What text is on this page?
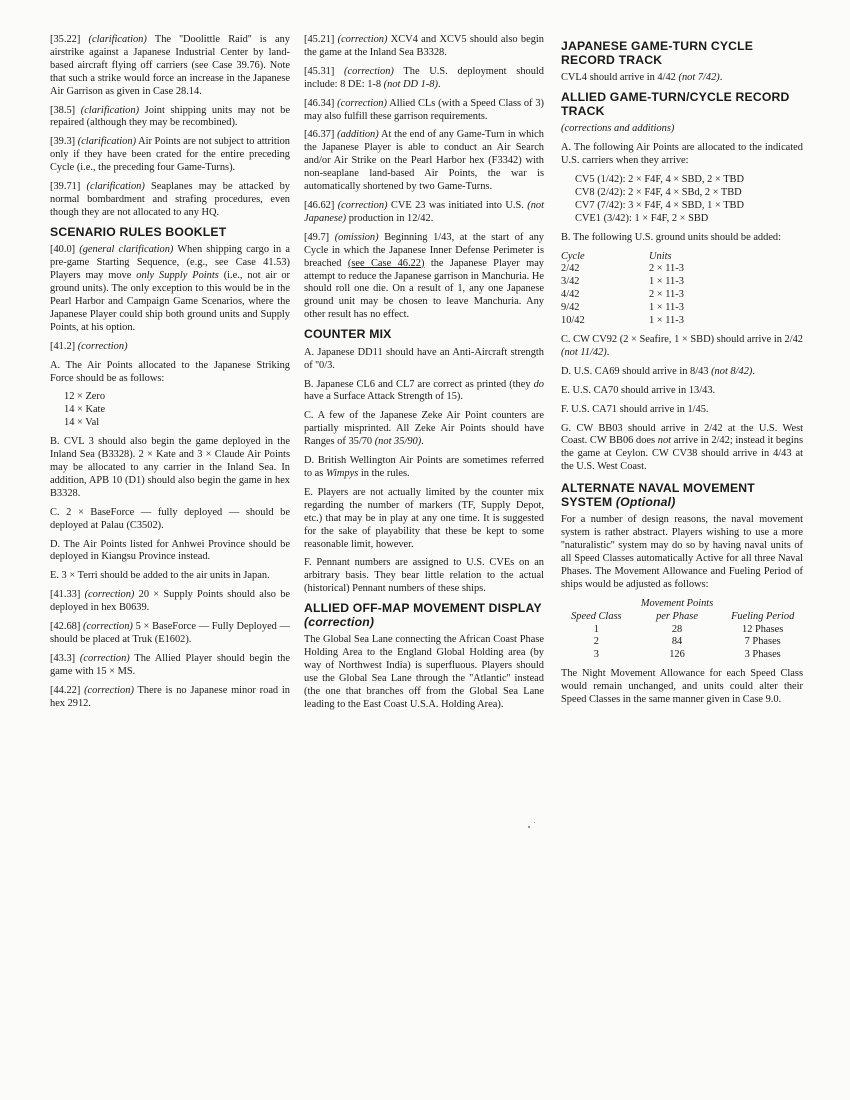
[35.22] (clarification) The ''Doolittle Raid'' is any airstrike against a Japanese Industrial Center by land-based aircraft flying off carriers (see Case 39.76). Note that such a strike would force an increase in the Japanese Air Garrison as given in Case 28.14.

[38.5] (clarification) Joint shipping units may not be repaired (although they may be recombined).

[39.3] (clarification) Air Points are not subject to attrition only if they have been crated for the entire preceding Cycle (i.e., the preceding four Game-Turns).

[39.71] (clarification) Seaplanes may be attacked by normal bombardment and strafing procedures, even though they are not allocated to any HQ.

SCENARIO RULES BOOKLET

[40.0] (general clarification) When shipping cargo in a pre-game Starting Sequence, (e.g., see Case 41.53) Players may move only Supply Points (i.e., not air or ground units). The only exception to this would be in the Pearl Harbor and Campaign Game Scenarios, where the Japanese Player could ship both ground units and Supply Points, at his option.

[41.2] (correction)

A. The Air Points allocated to the Japanese Striking Force should be as follows:

12 × Zero
14 × Kate
14 × Val

B. CVL 3 should also begin the game deployed in the Inland Sea (B3328). 2 × Kate and 3 × Claude Air Points may be allocated to any carrier in the Inland Sea. In addition, APB 10 (D1) should also begin the game in hex B3328.

C. 2 × BaseForce — fully deployed — should be deployed at Palau (C3502).

D. The Air Points listed for Anhwei Province should be deployed in Kiangsu Province instead.

E. 3 × Terri should be added to the air units in Japan.

[41.33] (correction) 20 × Supply Points should also be deployed in hex B0639.

[42.68] (correction) 5 × BaseForce — Fully Deployed — should be placed at Truk (E1602).

[43.3] (correction) The Allied Player should begin the game with 15 × MS.

[44.22] (correction) There is no Japanese minor road in hex 2912.

[45.21] (correction) XCV4 and XCV5 should also begin the game at the Inland Sea B3328.

[45.31] (correction) The U.S. deployment should include: 8 DE: 1-8 (not DD 1-8).

[46.34] (correction) Allied CLs (with a Speed Class of 3) may also fulfill these garrison requirements.

[46.37] (addition) At the end of any Game-Turn in which the Japanese Player is able to conduct an Air Search and/or Air Strike on the Pearl Harbor hex (F3342) with non-seaplane land-based Air Points, the war is automatically shortened by two Game-Turns.

[46.62] (correction) CVE 23 was initiated into U.S. (not Japanese) production in 12/42.

[49.7] (omission) Beginning 1/43, at the start of any Cycle in which the Japanese Inner Defense Perimeter is breached (see Case 46.22) the Japanese Player may attempt to reduce the Japanese garrison in Manchuria. He should roll one die. On a result of 1, any one Japanese ground unit may be chosen to leave Manchuria. Any other result has no effect.

COUNTER MIX

A. Japanese DD11 should have an Anti-Aircraft strength of ''0/3.

B. Japanese CL6 and CL7 are correct as printed (they do have a Surface Attack Strength of 15).

C. A few of the Japanese Zeke Air Point counters are partially misprinted. All Zeke Air Points should have Ranges of 35/70 (not 35/90).

D. British Wellington Air Points are sometimes referred to as Wimpys in the rules.

E. Players are not actually limited by the counter mix regarding the number of markers (TF, Supply Depot, etc.) that may be in play at any one time. It is suggested for the sake of playability that these be kept to some reasonable limit, however.

F. Pennant numbers are assigned to U.S. CVEs on an arbitrary basis. They bear little relation to the actual (historical) Pennant numbers of these ships.

ALLIED OFF-MAP MOVEMENT DISPLAY (correction)

The Global Sea Lane connecting the African Coast Phase Holding Area to the England Global Holding area (by way of Northwest India) is superfluous. Players should use the Global Sea Lane through the ''Atlantic'' instead (the one that branches off from the Global Sea Lane leading to the East Coast U.S.A. Holding Area).

JAPANESE GAME-TURN CYCLE RECORD TRACK

CVL4 should arrive in 4/42 (not 7/42).

ALLIED GAME-TURN/CYCLE RECORD TRACK

(corrections and additions)

A. The following Air Points are allocated to the indicated U.S. carriers when they arrive:

CV5 (1/42): 2 × F4F, 4 × SBD, 2 × TBD
CV8 (2/42): 2 × F4F, 4 × SBd, 2 × TBD
CV7 (7/42): 3 × F4F, 4 × SBD, 1 × TBD
CVE1 (3/42): 1 × F4F, 2 × SBD

B. The following U.S. ground units should be added:

Cycle	Units
2/42	2 × 11-3
3/42	1 × 11-3
4/42	2 × 11-3
9/42	1 × 11-3
10/42	1 × 11-3

C. CW CV92 (2 × Seafire, 1 × SBD) should arrive in 2/42 (not 11/42).

D. U.S. CA69 should arrive in 8/43 (not 8/42).

E. U.S. CA70 should arrive in 13/43.

F. U.S. CA71 should arrive in 1/45.

G. CW BB03 should arrive in 2/42 at the U.S. West Coast. CW BB06 does not arrive in 2/42; instead it begins the game at Ceylon. CW CV38 should arrive in 4/43 at the U.S. West Coast.

ALTERNATE NAVAL MOVEMENT SYSTEM (Optional)

For a number of design reasons, the naval movement system is rather abstract. Players wishing to use a more ''naturalistic'' system may do so by having naval units of all Speed Classes automatically Active for all three Naval Phases. The Movement Allowance and Fueling Period of ships would be adjusted as follows:

Speed Class	Movement Points per Phase	Fueling Period
1	28	12 Phases
2	84	7 Phases
3	126	3 Phases

The Night Movement Allowance for each Speed Class would remain unchanged, and units could alter their Speed Classes in the same manner given in Case 9.0.
